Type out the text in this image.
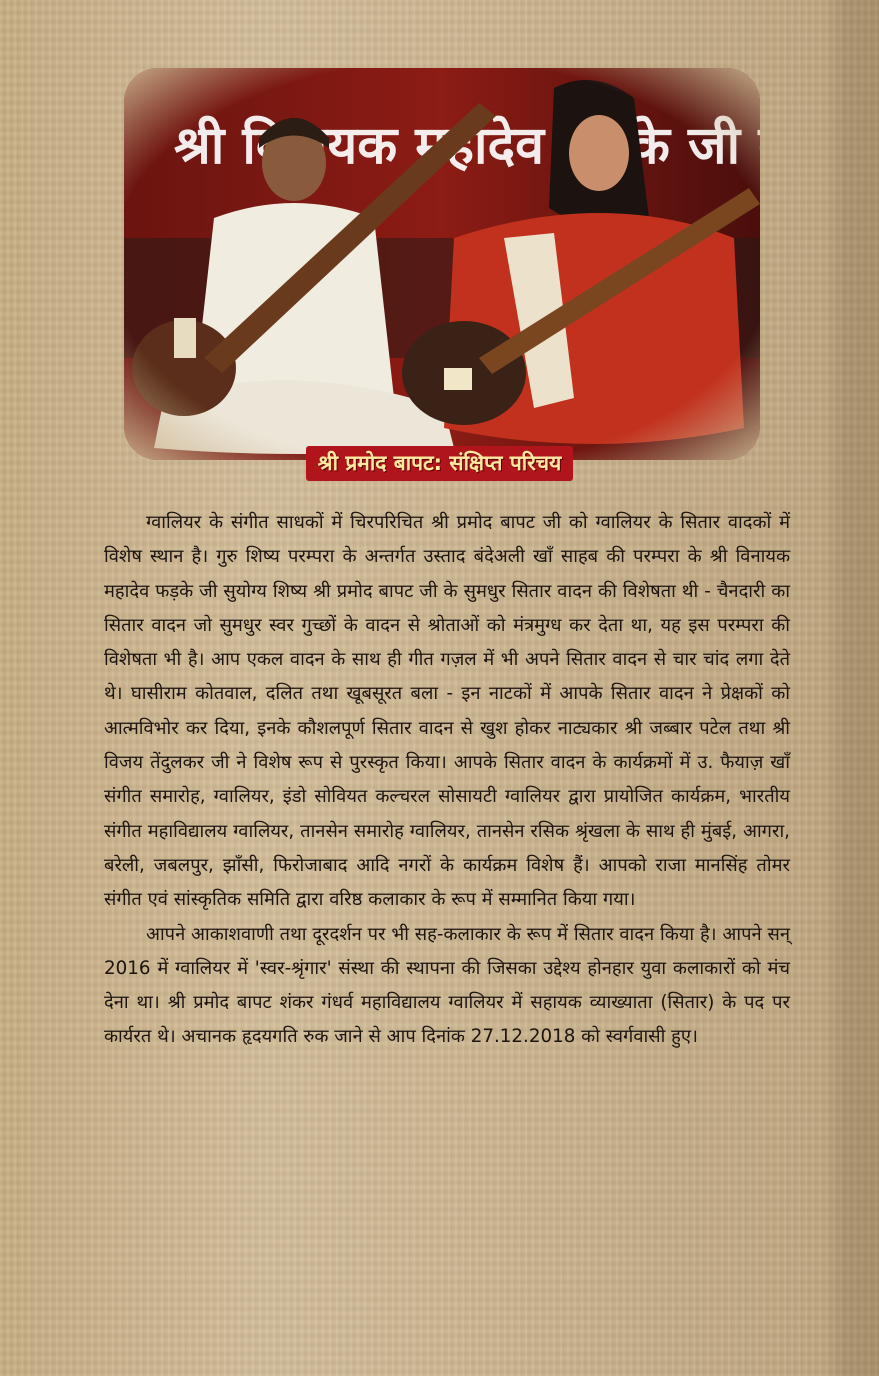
श्री प्रमोद बापट: संक्षिप्त परिचय

ग्वालियर के संगीत साधकों में चिरपरिचित श्री प्रमोद बापट जी को ग्वालियर के सितार वादकों में विशेष स्थान है। गुरु शिष्य परम्परा के अन्तर्गत उस्ताद बंदेअली खाँ साहब की परम्परा के श्री विनायक महादेव फड़के जी सुयोग्य शिष्य श्री प्रमोद बापट जी के सुमधुर सितार वादन की विशेषता थी - चैनदारी का सितार वादन जो सुमधुर स्वर गुच्छों के वादन से श्रोताओं को मंत्रमुग्ध कर देता था, यह इस परम्परा की विशेषता भी है। आप एकल वादन के साथ ही गीत गज़ल में भी अपने सितार वादन से चार चांद लगा देते थे। घासीराम कोतवाल, दलित तथा खूबसूरत बला - इन नाटकों में आपके सितार वादन ने प्रेक्षकों को आत्मविभोर कर दिया, इनके कौशलपूर्ण सितार वादन से खुश होकर नाट्यकार श्री जब्बार पटेल तथा श्री विजय तेंदुलकर जी ने विशेष रूप से पुरस्कृत किया। आपके सितार वादन के कार्यक्रमों में उ. फैयाज़ खाँ संगीत समारोह, ग्वालियर, इंडो सोवियत कल्चरल सोसायटी ग्वालियर द्वारा प्रायोजित कार्यक्रम, भारतीय संगीत महाविद्यालय ग्वालियर, तानसेन समारोह ग्वालियर, तानसेन रसिक श्रृंखला के साथ ही मुंबई, आगरा, बरेली, जबलपुर, झाँसी, फिरोजाबाद आदि नगरों के कार्यक्रम विशेष हैं। आपको राजा मानसिंह तोमर संगीत एवं सांस्कृतिक समिति द्वारा वरिष्ठ कलाकार के रूप में सम्मानित किया गया।

आपने आकाशवाणी तथा दूरदर्शन पर भी सह-कलाकार के रूप में सितार वादन किया है। आपने सन् 2016 में ग्वालियर में 'स्वर-श्रृंगार' संस्था की स्थापना की जिसका उद्देश्य होनहार युवा कलाकारों को मंच देना था। श्री प्रमोद बापट शंकर गंधर्व महाविद्यालय ग्वालियर में सहायक व्याख्याता (सितार) के पद पर कार्यरत थे। अचानक हृदयगति रुक जाने से आप दिनांक 27.12.2018 को स्वर्गवासी हुए।
